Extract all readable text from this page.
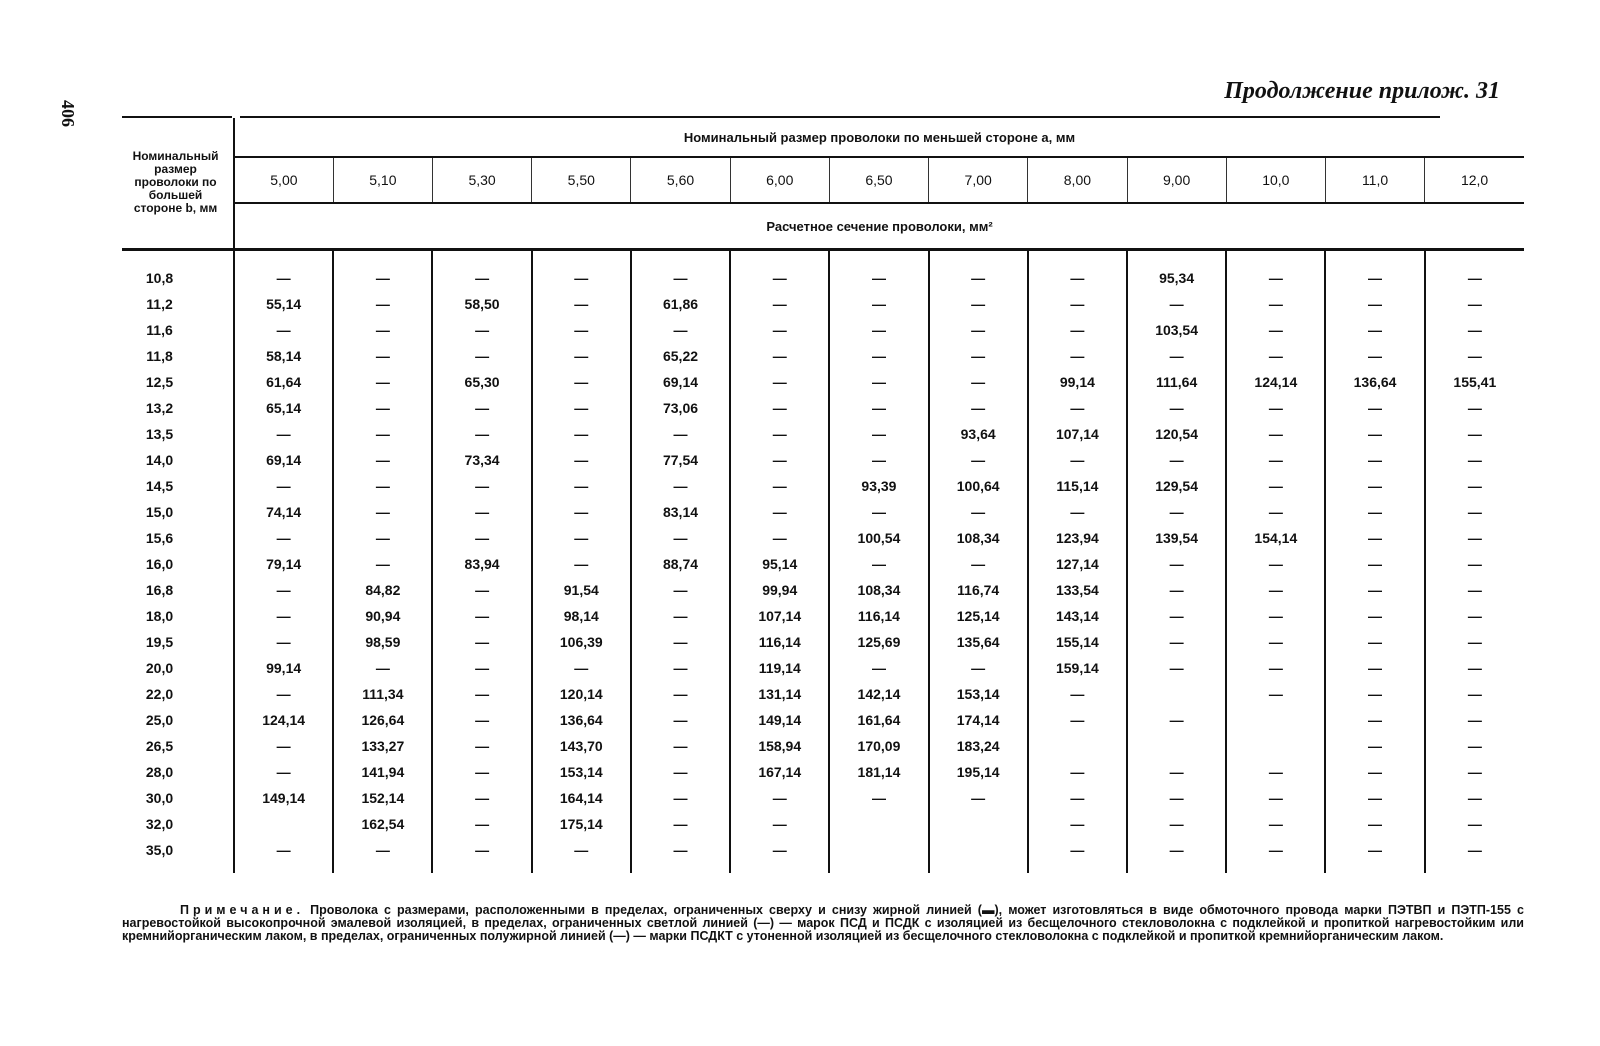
406
Продолжение прилож. 31
Номинальный размер проволоки по большей стороне b, мм	Номинальный размер проволоки по меньшей стороне а, мм												
	5,00	5,10	5,30	5,50	5,60	6,00	6,50	7,00	8,00	9,00	10,0	11,0	12,0
	Расчетное сечение проволоки, мм²												

10,8	—	—	—	—	—	—	—	—	—	95,34	—	—	—
11,2	55,14	—	58,50	—	61,86	—	—	—	—	—	—	—	—
11,6	—	—	—	—	—	—	—	—	—	103,54	—	—	—
11,8	58,14	—	—	—	65,22	—	—	—	—	—	—	—	—
12,5	61,64	—	65,30	—	69,14	—	—	—	99,14	111,64	124,14	136,64	155,41
13,2	65,14	—	—	—	73,06	—	—	—	—	—	—	—	—
13,5	—	—	—	—	—	—	—	93,64	107,14	120,54	—	—	—
14,0	69,14	—	73,34	—	77,54	—	—	—	—	—	—	—	—
14,5	—	—	—	—	—	—	93,39	100,64	115,14	129,54	—	—	—
15,0	74,14	—	—	—	83,14	—	—	—	—	—	—	—	—
15,6	—	—	—	—	—	—	100,54	108,34	123,94	139,54	154,14	—	—
16,0	79,14	—	83,94	—	88,74	95,14	—	—	127,14	—	—	—	—
16,8	—	84,82	—	91,54	—	99,94	108,34	116,74	133,54	—	—	—	—
18,0	—	90,94	—	98,14	—	107,14	116,14	125,14	143,14	—	—	—	—
19,5	—	98,59	—	106,39	—	116,14	125,69	135,64	155,14	—	—	—	—
20,0	99,14	—	—	—	—	119,14	—	—	159,14	—	—	—	—
22,0	—	111,34	—	120,14	—	131,14	142,14	153,14	—		—	—	—
25,0	124,14	126,64	—	136,64	—	149,14	161,64	174,14	—	—		—	—
26,5	—	133,27	—	143,70	—	158,94	170,09	183,24				—	—
28,0	—	141,94	—	153,14	—	167,14	181,14	195,14	—	—	—	—	—
30,0	149,14	152,14	—	164,14	—	—	—	—	—	—	—	—	—
32,0		162,54	—	175,14	—	—			—	—	—	—	—
35,0	—	—	—	—	—	—			—	—	—	—	—
Примечание. Проволока с размерами, расположенными в пределах, ограниченных сверху и снизу жирной линией (▬), может изготовляться в виде обмоточного провода марки ПЭТВП и ПЭТП-155 с нагревостойкой высокопрочной эмалевой изоляцией, в пределах, ограниченных светлой линией (—) — марок ПСД и ПСДК с изоляцией из бесщелочного стекловолокна с подклейкой и пропиткой нагревостойким или кремнийорганическим лаком, в пределах, ограниченных полужирной линией (—) — марки ПСДКТ с утоненной изоляцией из бесщелочного стекловолокна с подклейкой и пропиткой кремнийорганическим лаком.
